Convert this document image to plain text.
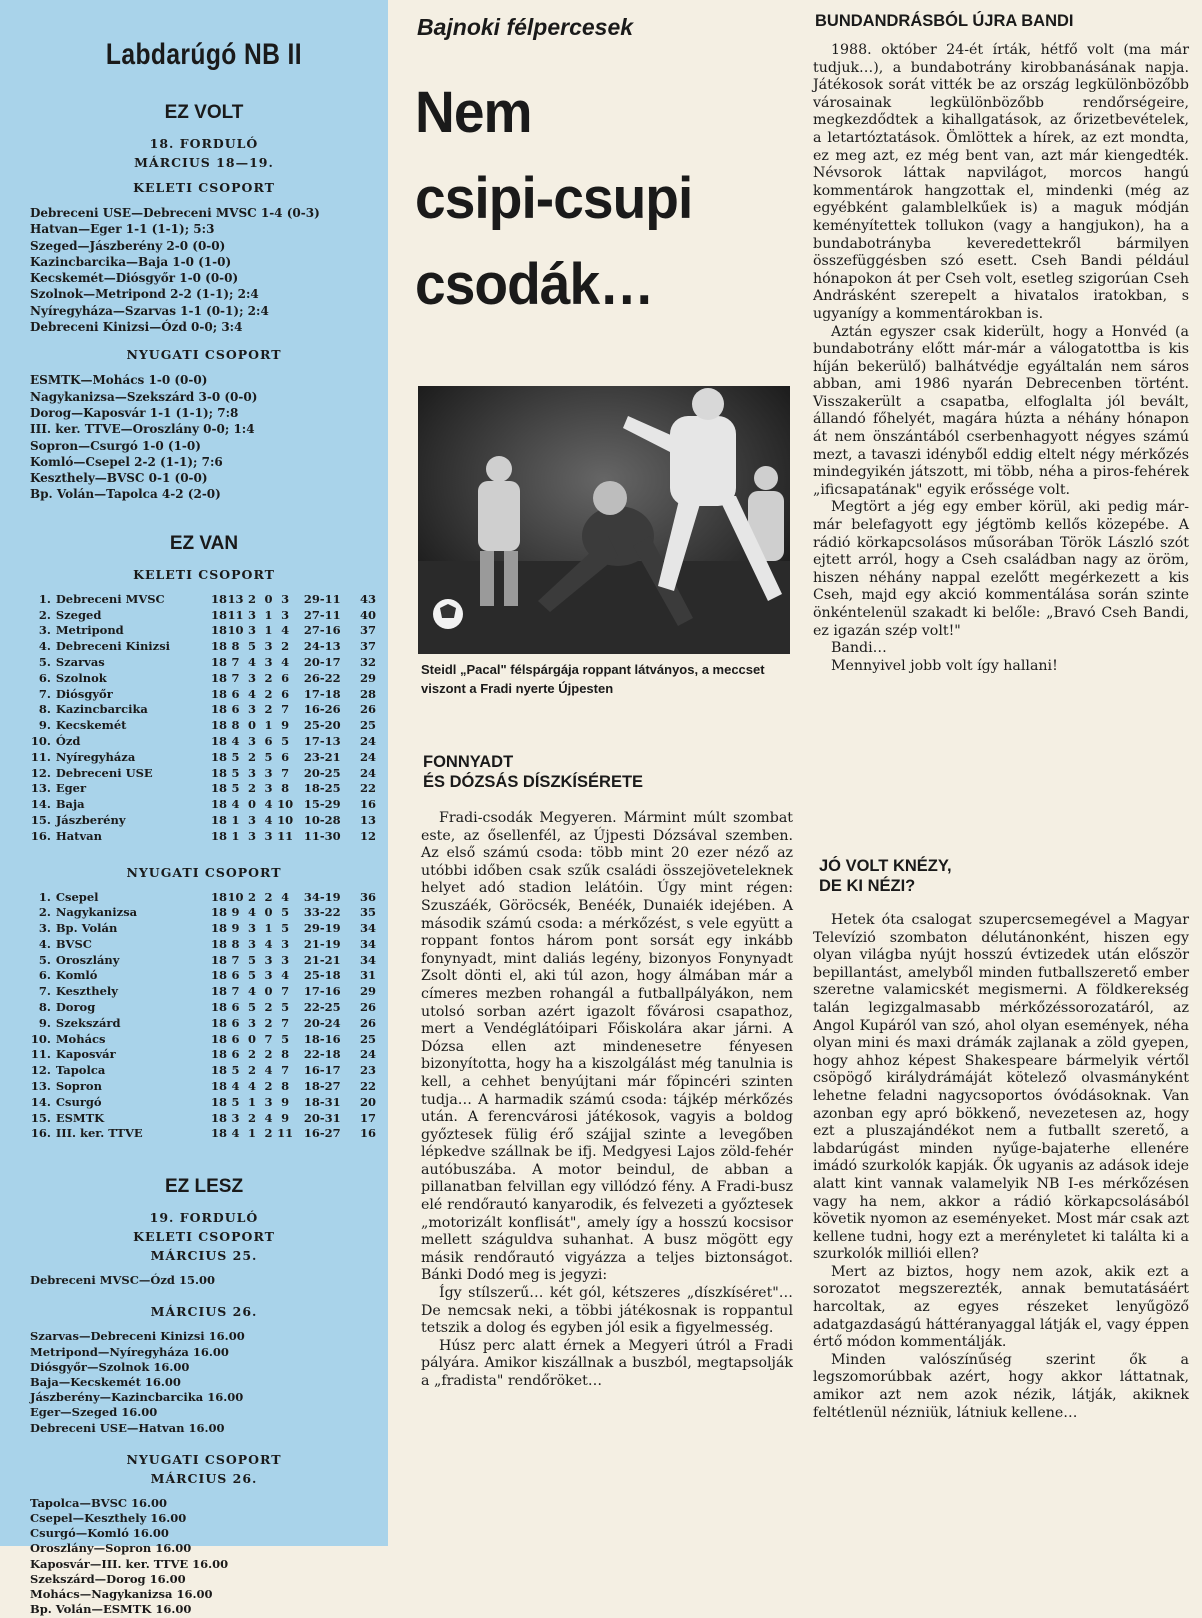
Labdarúgó NB II
EZ VOLT
18. FORDULÓ
MÁRCIUS 18—19.
KELETI CSOPORT
Debreceni USE—Debreceni MVSC 1-4 (0-3)
Hatvan—Eger 1-1 (1-1); 5:3
Szeged—Jászberény 2-0 (0-0)
Kazincbarcika—Baja 1-0 (1-0)
Kecskemét—Diósgyőr 1-0 (0-0)
Szolnok—Metripond 2-2 (1-1); 2:4
Nyíregyháza—Szarvas 1-1 (0-1); 2:4
Debreceni Kinizsi—Ózd 0-0; 3:4
NYUGATI CSOPORT
ESMTK—Mohács 1-0 (0-0)
Nagykanizsa—Szekszárd 3-0 (0-0)
Dorog—Kaposvár 1-1 (1-1); 7:8
III. ker. TTVE—Oroszlány 0-0; 1:4
Sopron—Csurgó 1-0 (1-0)
Komló—Csepel 2-2 (1-1); 7:6
Keszthely—BVSC 0-1 (0-0)
Bp. Volán—Tapolca 4-2 (2-0)
EZ VAN
KELETI CSOPORT
1.	Debreceni MVSC	18	13	2	0	3	29-11	43
2.	Szeged	18	11	3	1	3	27-11	40
3.	Metripond	18	10	3	1	4	27-16	37
4.	Debreceni Kinizsi	18	8	5	3	2	24-13	37
5.	Szarvas	18	7	4	3	4	20-17	32
6.	Szolnok	18	7	3	2	6	26-22	29
7.	Diósgyőr	18	6	4	2	6	17-18	28
8.	Kazincbarcika	18	6	3	2	7	16-26	26
9.	Kecskemét	18	8	0	1	9	25-20	25
10.	Ózd	18	4	3	6	5	17-13	24
11.	Nyíregyháza	18	5	2	5	6	23-21	24
12.	Debreceni USE	18	5	3	3	7	20-25	24
13.	Eger	18	5	2	3	8	18-25	22
14.	Baja	18	4	0	4	10	15-29	16
15.	Jászberény	18	1	3	4	10	10-28	13
16.	Hatvan	18	1	3	3	11	11-30	12
NYUGATI CSOPORT
1.	Csepel	18	10	2	2	4	34-19	36
2.	Nagykanizsa	18	9	4	0	5	33-22	35
3.	Bp. Volán	18	9	3	1	5	29-19	34
4.	BVSC	18	8	3	4	3	21-19	34
5.	Oroszlány	18	7	5	3	3	21-21	34
6.	Komló	18	6	5	3	4	25-18	31
7.	Keszthely	18	7	4	0	7	17-16	29
8.	Dorog	18	6	5	2	5	22-25	26
9.	Szekszárd	18	6	3	2	7	20-24	26
10.	Mohács	18	6	0	7	5	18-16	25
11.	Kaposvár	18	6	2	2	8	22-18	24
12.	Tapolca	18	5	2	4	7	16-17	23
13.	Sopron	18	4	4	2	8	18-27	22
14.	Csurgó	18	5	1	3	9	18-31	20
15.	ESMTK	18	3	2	4	9	20-31	17
16.	III. ker. TTVE	18	4	1	2	11	16-27	16
EZ LESZ
19. FORDULÓ
KELETI CSOPORT
MÁRCIUS 25.
Debreceni MVSC—Ózd 15.00
MÁRCIUS 26.
Szarvas—Debreceni Kinizsi 16.00
Metripond—Nyíregyháza 16.00
Diósgyőr—Szolnok 16.00
Baja—Kecskemét 16.00
Jászberény—Kazincbarcika 16.00
Eger—Szeged 16.00
Debreceni USE—Hatvan 16.00
NYUGATI CSOPORT
MÁRCIUS 26.
Tapolca—BVSC 16.00
Csepel—Keszthely 16.00
Csurgó—Komló 16.00
Oroszlány—Sopron 16.00
Kaposvár—III. ker. TTVE 16.00
Szekszárd—Dorog 16.00
Mohács—Nagykanizsa 16.00
Bp. Volán—ESMTK 16.00
Bajnoki félpercesek
Nem
csipi-csupi
csodák…
Steidl „Pacal" félspárgája roppant látványos, a meccset viszont a Fradi nyerte Újpesten
FONNYADT
ÉS DÓZSÁS DÍSZKÍSÉRETE

Fradi-csodák Megyeren. Mármint múlt szombat este, az ősellenfél, az Újpesti Dózsával szemben. Az első számú csoda: több mint 20 ezer néző az utóbbi időben csak szűk családi összejöveteleknek helyet adó stadion lelátóin. Úgy mint régen: Szuszáék, Göröcsék, Benéék, Dunaiék idejében. A második számú csoda: a mérkőzést, s vele együtt a roppant fontos három pont sorsát egy inkább fonynyadt, mint daliás legény, bizonyos Fonynyadt Zsolt dönti el, aki túl azon, hogy álmában már a címeres mezben rohangál a futballpályákon, nem utolsó sorban azért igazolt fővárosi csapathoz, mert a Vendéglátóipari Főiskolára akar járni. A Dózsa ellen azt mindenesetre fényesen bizonyította, hogy ha a kiszolgálást még tanulnia is kell, a cehhet benyújtani már főpincéri szinten tudja… A harmadik számú csoda: tájkép mérkőzés után. A ferencvárosi játékosok, vagyis a boldog győztesek fülig érő szájjal szinte a levegőben lépkedve szállnak be ifj. Medgyesi Lajos zöld-fehér autóbuszába. A motor beindul, de abban a pillanatban felvillan egy villódzó fény. A Fradi-busz elé rendőrautó kanyarodik, és felvezeti a győztesek „motorizált konflisát", amely így a hosszú kocsisor mellett száguldva suhanhat. A busz mögött egy másik rendőrautó vigyázza a teljes biztonságot. Bánki Dodó meg is jegyzi:

Így stílszerű… két gól, kétszeres „díszkíséret"… De nemcsak neki, a többi játékosnak is roppantul tetszik a dolog és egyben jól esik a figyelmesség.

Húsz perc alatt érnek a Megyeri útról a Fradi pályára. Amikor kiszállnak a buszból, megtapsolják a „fradista" rendőröket…

BUNDANDRÁSBÓL ÚJRA BANDI

1988. október 24-ét írták, hétfő volt (ma már tudjuk…), a bundabotrány kirobbanásának napja. Játékosok sorát vitték be az ország legkülönbözőbb városainak legkülönbözőbb rendőrségeire, megkezdődtek a kihallgatások, az őrizetbevételek, a letartóztatások. Ömlöttek a hírek, az ezt mondta, ez meg azt, ez még bent van, azt már kiengedték. Névsorok láttak napvilágot, morcos hangú kommentárok hangzottak el, mindenki (még az egyébként galamblelkűek is) a maguk módján keményítettek tollukon (vagy a hangjukon), ha a bundabotrányba keveredettekről bármilyen összefüggésben szó esett. Cseh Bandi például hónapokon át per Cseh volt, esetleg szigorúan Cseh Andrásként szerepelt a hivatalos iratokban, s ugyanígy a kommentárokban is.

Aztán egyszer csak kiderült, hogy a Honvéd (a bundabotrány előtt már-már a válogatottba is kis híján bekerülő) balhátvédje egyáltalán nem sáros abban, ami 1986 nyarán Debrecenben történt. Visszakerült a csapatba, elfoglalta jól bevált, állandó főhelyét, magára húzta a néhány hónapon át nem önszántából cserbenhagyott négyes számú mezt, a tavaszi idényből eddig eltelt négy mérkőzés mindegyikén játszott, mi több, néha a piros-fehérek „ificsapatának" egyik erőssége volt.

Megtört a jég egy ember körül, aki pedig már-már belefagyott egy jégtömb kellős közepébe. A rádió körkapcsolásos műsorában Török László szót ejtett arról, hogy a Cseh családban nagy az öröm, hiszen néhány nappal ezelőtt megérkezett a kis Cseh, majd egy akció kommentálása során szinte önkéntelenül szakadt ki belőle: „Bravó Cseh Bandi, ez igazán szép volt!"

Bandi…

Mennyivel jobb volt így hallani!

JÓ VOLT KNÉZY,
DE KI NÉZI?

Hetek óta csalogat szupercsemegével a Magyar Televízió szombaton délutánonként, hiszen egy olyan világba nyújt hosszú évtizedek után először bepillantást, amelyből minden futballszerető ember szeretne valamicskét megismerni. A földkerekség talán legizgalmasabb mérkőzéssorozatáról, az Angol Kupáról van szó, ahol olyan események, néha olyan mini és maxi drámák zajlanak a zöld gyepen, hogy ahhoz képest Shakespeare bármelyik vértől csöpögő királydrámáját kötelező olvasmányként lehetne feladni nagycsoportos óvódásoknak. Van azonban egy apró bökkenő, nevezetesen az, hogy ezt a pluszajándékot nem a futballt szerető, a labdarúgást minden nyűge-bajaterhe ellenére imádó szurkolók kapják. Ők ugyanis az adások ideje alatt kint vannak valamelyik NB I-es mérkőzésen vagy ha nem, akkor a rádió körkapcsolásából követik nyomon az eseményeket. Most már csak azt kellene tudni, hogy ezt a merényletet ki találta ki a szurkolók milliói ellen?

Mert az biztos, hogy nem azok, akik ezt a sorozatot megszerezték, annak bemutatásáért harcoltak, az egyes részeket lenyűgöző adatgazdaságú háttéranyaggal látják el, vagy éppen értő módon kommentálják.

Minden valószínűség szerint ők a legszomorúbbak azért, hogy akkor láttatnak, amikor azt nem azok nézik, látják, akiknek feltétlenül nézniük, látniuk kellene…
